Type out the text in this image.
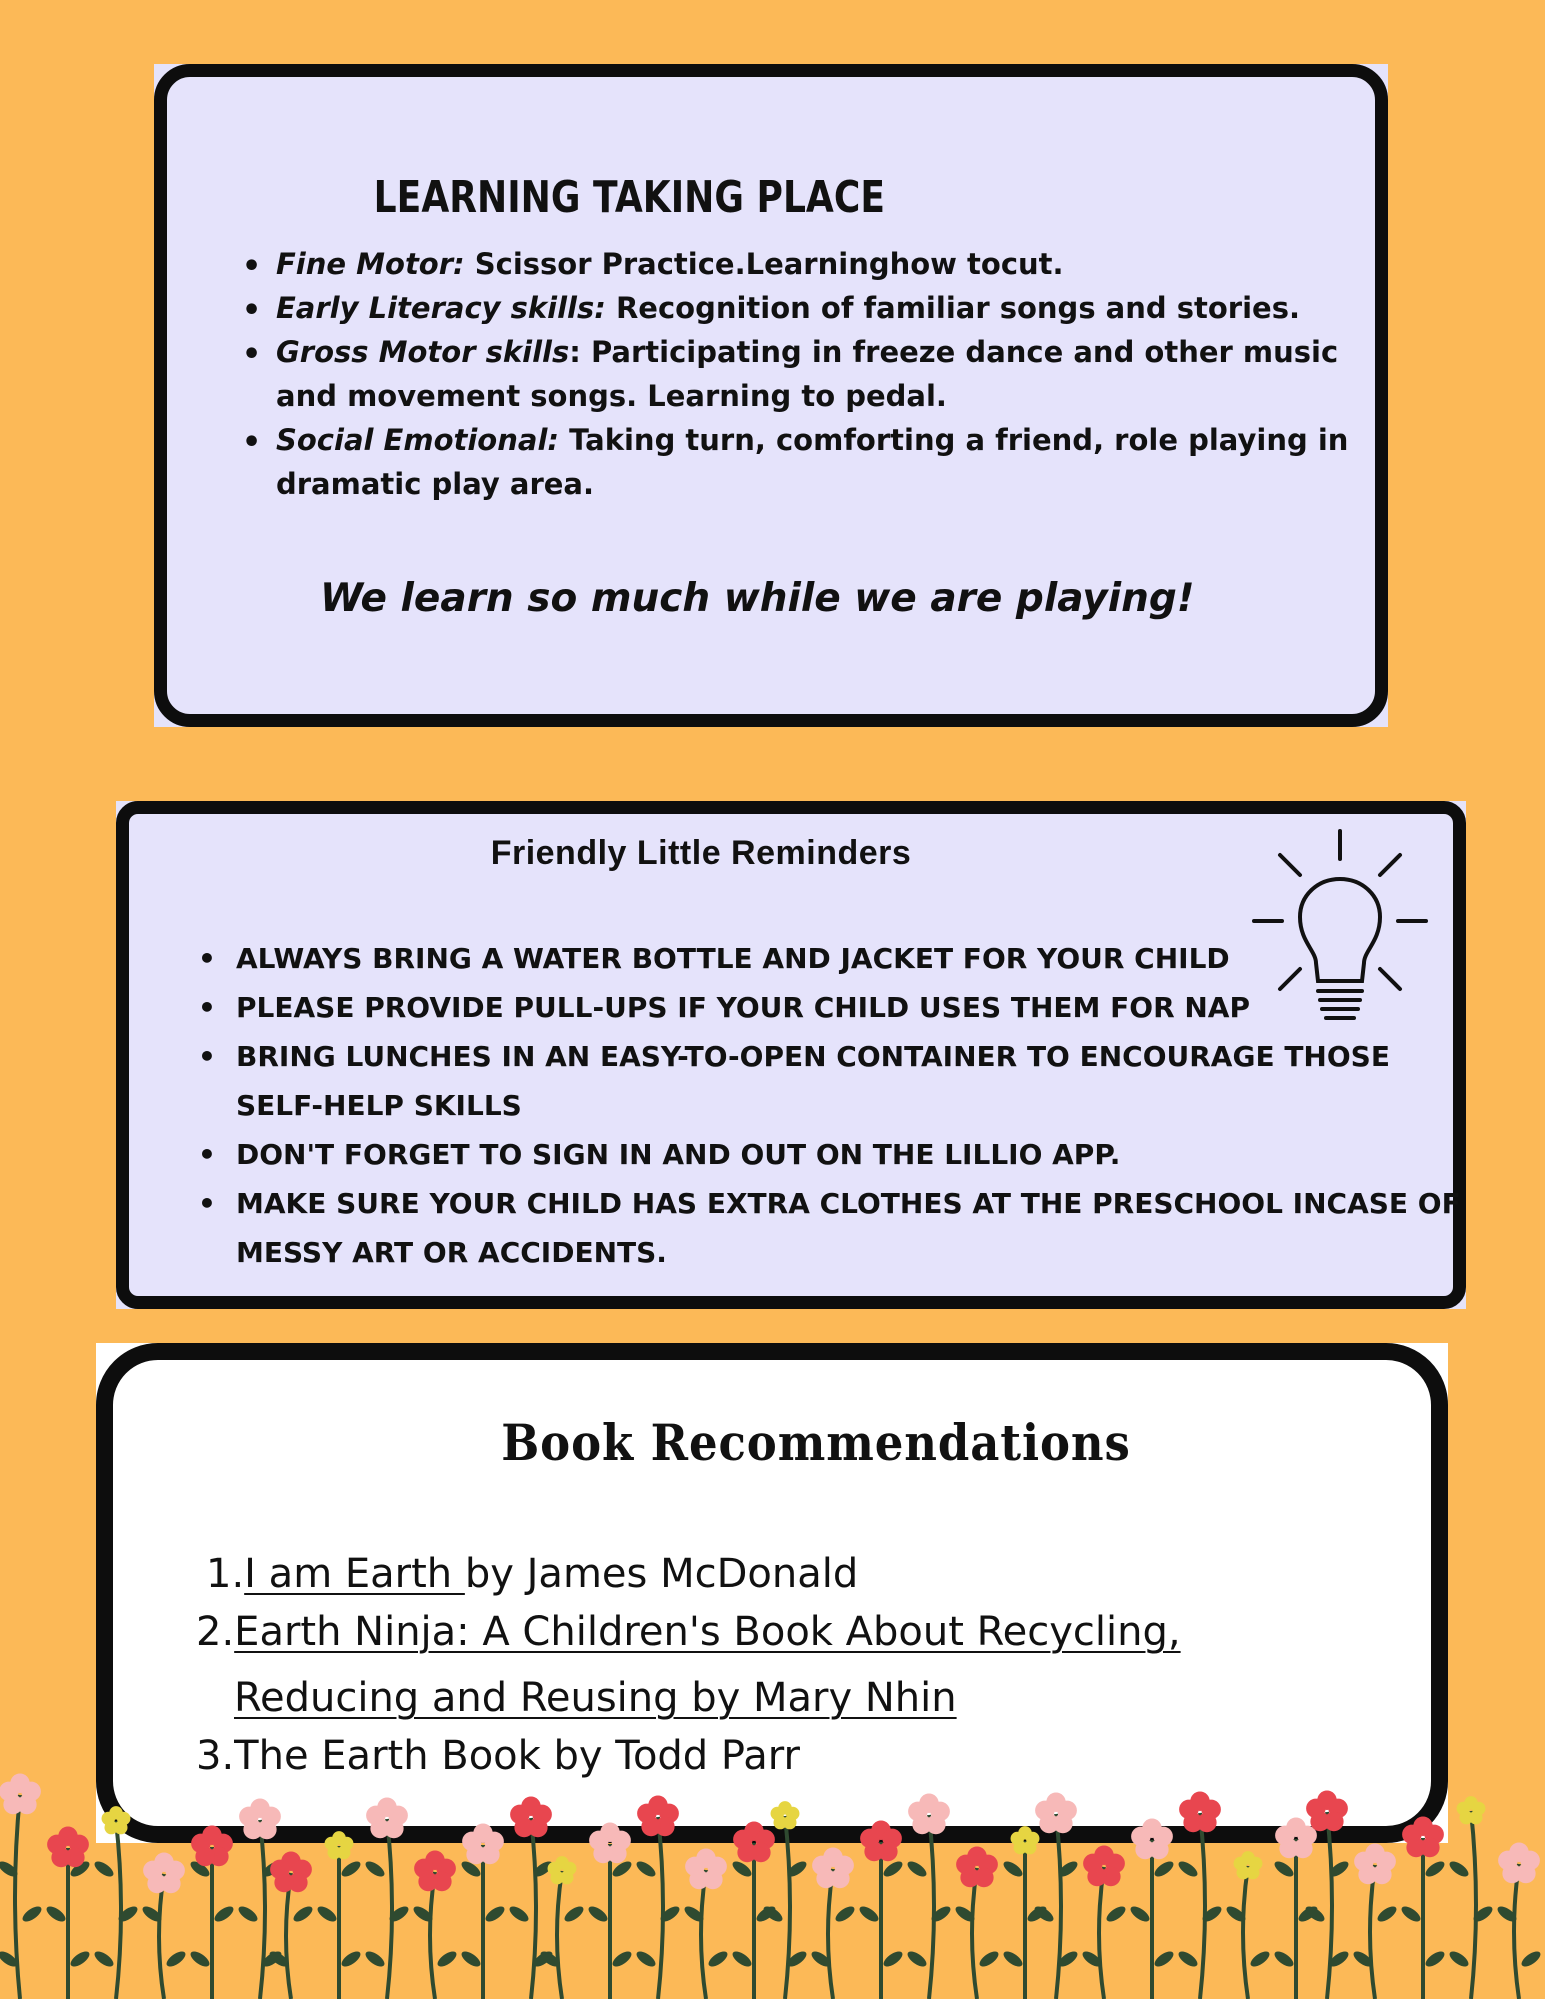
LEARNING TAKING PLACE
• Fine Motor: Scissor Practice.Learninghow tocut.
• Early Literacy skills: Recognition of familiar songs and stories.
• Gross Motor skills: Participating in freeze dance and other music and movement songs. Learning to pedal.
• Social Emotional: Taking turn, comforting a friend, role playing in dramatic play area.

We learn so much while we are playing!

Friendly Little Reminders

• ALWAYS BRING A WATER BOTTLE AND JACKET FOR YOUR CHILD
• PLEASE PROVIDE PULL-UPS IF YOUR CHILD USES THEM FOR NAP
• BRING LUNCHES IN AN EASY-TO-OPEN CONTAINER TO ENCOURAGE THOSE SELF-HELP SKILLS
• DON'T FORGET TO SIGN IN AND OUT ON THE LILLIO APP.
• MAKE SURE YOUR CHILD HAS EXTRA CLOTHES AT THE PRESCHOOL INCASE OF MESSY ART OR ACCIDENTS.

Book Recommendations

1.I am Earth by James McDonald
2.Earth Ninja: A Children's Book About Recycling,
Reducing and Reusing by Mary Nhin
3.The Earth Book by Todd Parr
